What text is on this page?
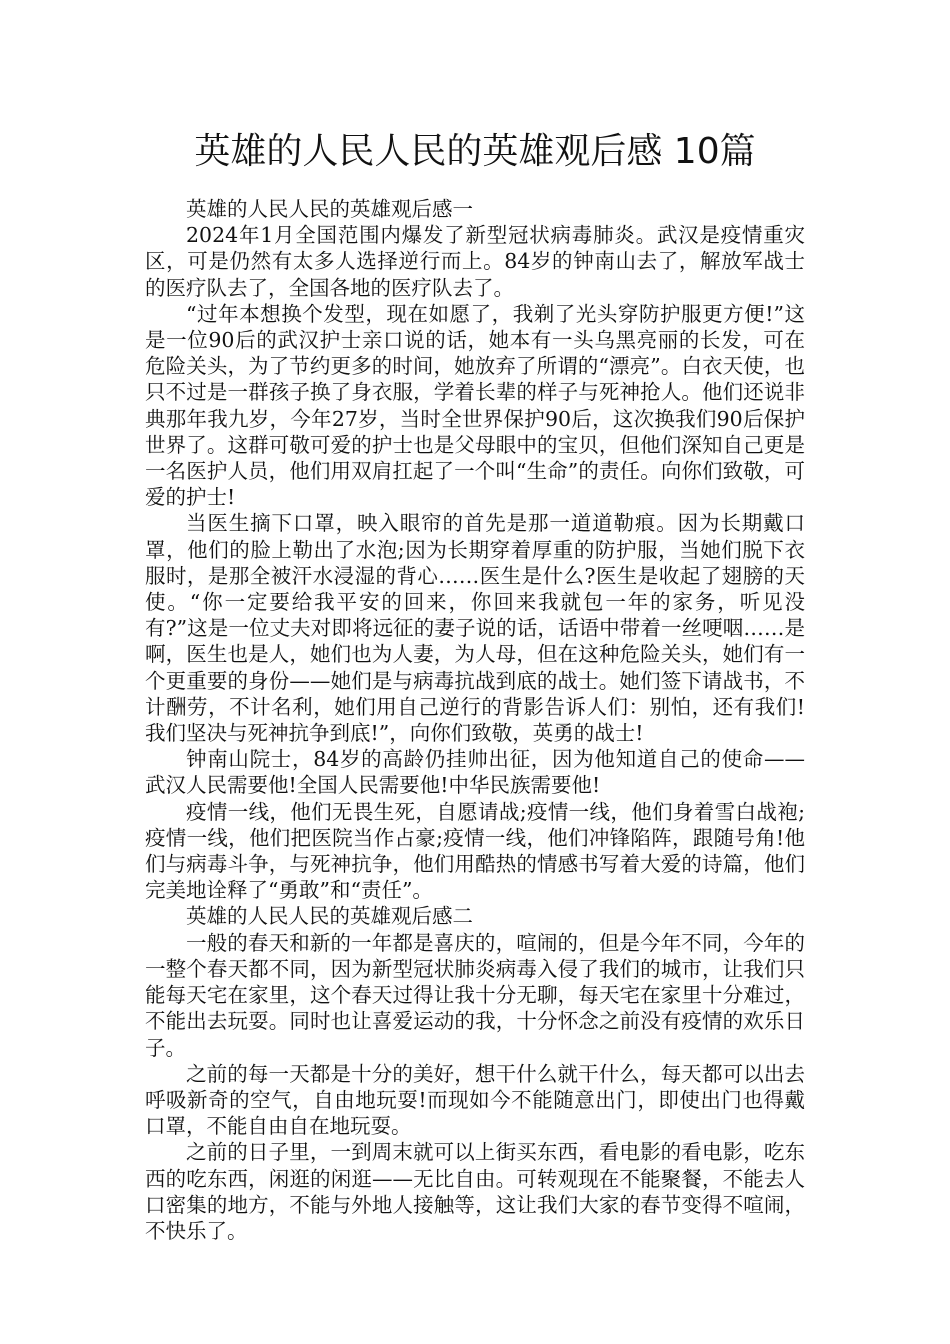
英雄的人民人民的英雄观后感 10篇

英雄的人民人民的英雄观后感一

2024年1月全国范围内爆发了新型冠状病毒肺炎。武汉是疫情重灾区，可是仍然有太多人选择逆行而上。84岁的钟南山去了，解放军战士的医疗队去了，全国各地的医疗队去了。

“过年本想换个发型，现在如愿了，我剃了光头穿防护服更方便!”这是一位90后的武汉护士亲口说的话，她本有一头乌黑亮丽的长发，可在危险关头，为了节约更多的时间，她放弃了所谓的“漂亮”。白衣天使，也只不过是一群孩子换了身衣服，学着长辈的样子与死神抢人。他们还说非典那年我九岁，今年27岁，当时全世界保护90后，这次换我们90后保护世界了。这群可敬可爱的护士也是父母眼中的宝贝，但他们深知自己更是一名医护人员，他们用双肩扛起了一个叫“生命”的责任。向你们致敬，可爱的护士!

当医生摘下口罩，映入眼帘的首先是那一道道勒痕。因为长期戴口罩，他们的脸上勒出了水泡;因为长期穿着厚重的防护服，当她们脱下衣服时，是那全被汗水浸湿的背心……医生是什么?医生是收起了翅膀的天使。“你一定要给我平安的回来，你回来我就包一年的家务，听见没有?”这是一位丈夫对即将远征的妻子说的话，话语中带着一丝哽咽……是啊，医生也是人，她们也为人妻，为人母，但在这种危险关头，她们有一个更重要的身份——她们是与病毒抗战到底的战士。她们签下请战书，不计酬劳，不计名利，她们用自己逆行的背影告诉人们：别怕，还有我们!我们坚决与死神抗争到底!”，向你们致敬，英勇的战士!

钟南山院士，84岁的高龄仍挂帅出征，因为他知道自己的使命——武汉人民需要他!全国人民需要他!中华民族需要他!

疫情一线，他们无畏生死，自愿请战;疫情一线，他们身着雪白战袍;疫情一线，他们把医院当作占豪;疫情一线，他们冲锋陷阵，跟随号角!他们与病毒斗争，与死神抗争，他们用酷热的情感书写着大爱的诗篇，他们完美地诠释了“勇敢”和“责任”。

英雄的人民人民的英雄观后感二

一般的春天和新的一年都是喜庆的，喧闹的，但是今年不同，今年的一整个春天都不同，因为新型冠状肺炎病毒入侵了我们的城市，让我们只能每天宅在家里，这个春天过得让我十分无聊，每天宅在家里十分难过，不能出去玩耍。同时也让喜爱运动的我，十分怀念之前没有疫情的欢乐日子。

之前的每一天都是十分的美好，想干什么就干什么，每天都可以出去呼吸新奇的空气，自由地玩耍!而现如今不能随意出门，即使出门也得戴口罩，不能自由自在地玩耍。

之前的日子里，一到周末就可以上街买东西，看电影的看电影，吃东西的吃东西，闲逛的闲逛——无比自由。可转观现在不能聚餐，不能去人口密集的地方，不能与外地人接触等，这让我们大家的春节变得不喧闹，不快乐了。
